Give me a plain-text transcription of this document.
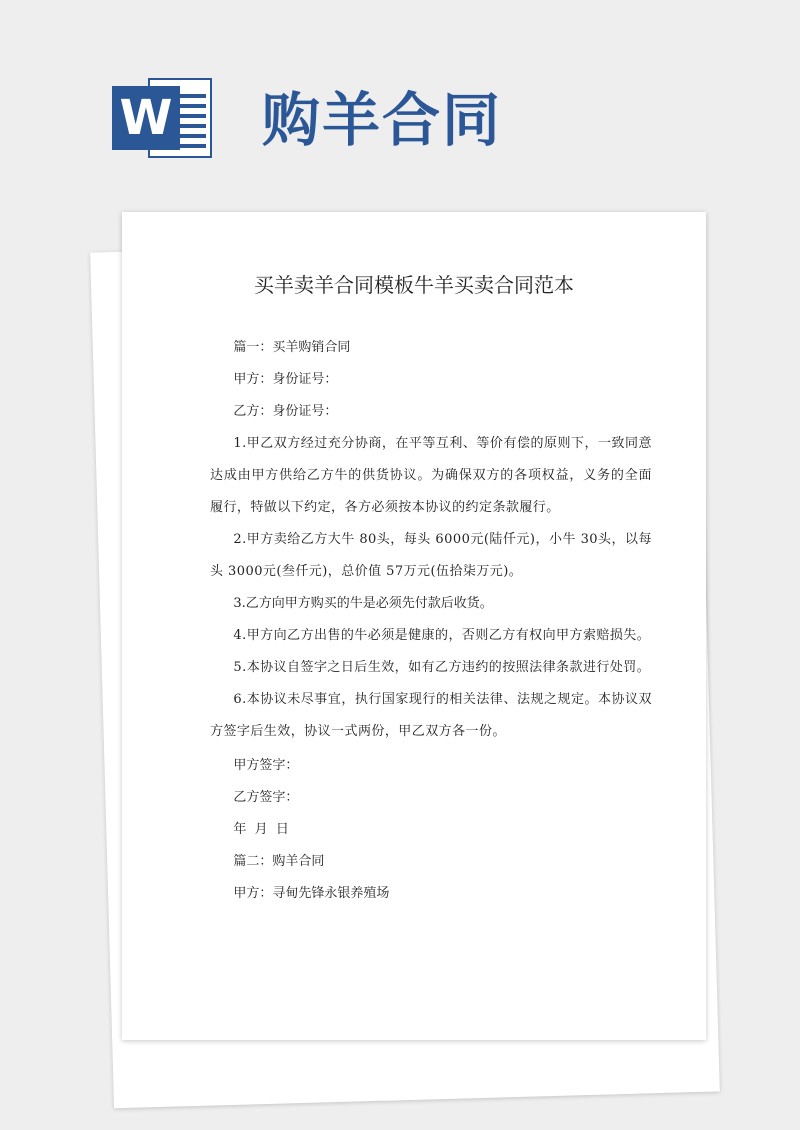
W 购羊合同
买羊卖羊合同模板牛羊买卖合同范本

篇一：买羊购销合同

甲方：身份证号：

乙方：身份证号：

1.甲乙双方经过充分协商，在平等互利、等价有偿的原则下，一致同意达成由甲方供给乙方牛的供货协议。为确保双方的各项权益，义务的全面履行，特做以下约定，各方必须按本协议的约定条款履行。

2.甲方卖给乙方大牛 80头，每头 6000元(陆仟元)，小牛 30头，以每头 3000元(叁仟元)，总价值 57万元(伍拾柒万元)。

3.乙方向甲方购买的牛是必须先付款后收货。

4.甲方向乙方出售的牛必须是健康的，否则乙方有权向甲方索赔损失。

5.本协议自签字之日后生效，如有乙方违约的按照法律条款进行处罚。

6.本协议未尽事宜，执行国家现行的相关法律、法规之规定。本协议双方签字后生效，协议一式两份，甲乙双方各一份。

甲方签字：

乙方签字：

年  月  日

篇二：购羊合同

甲方：寻甸先锋永银养殖场
